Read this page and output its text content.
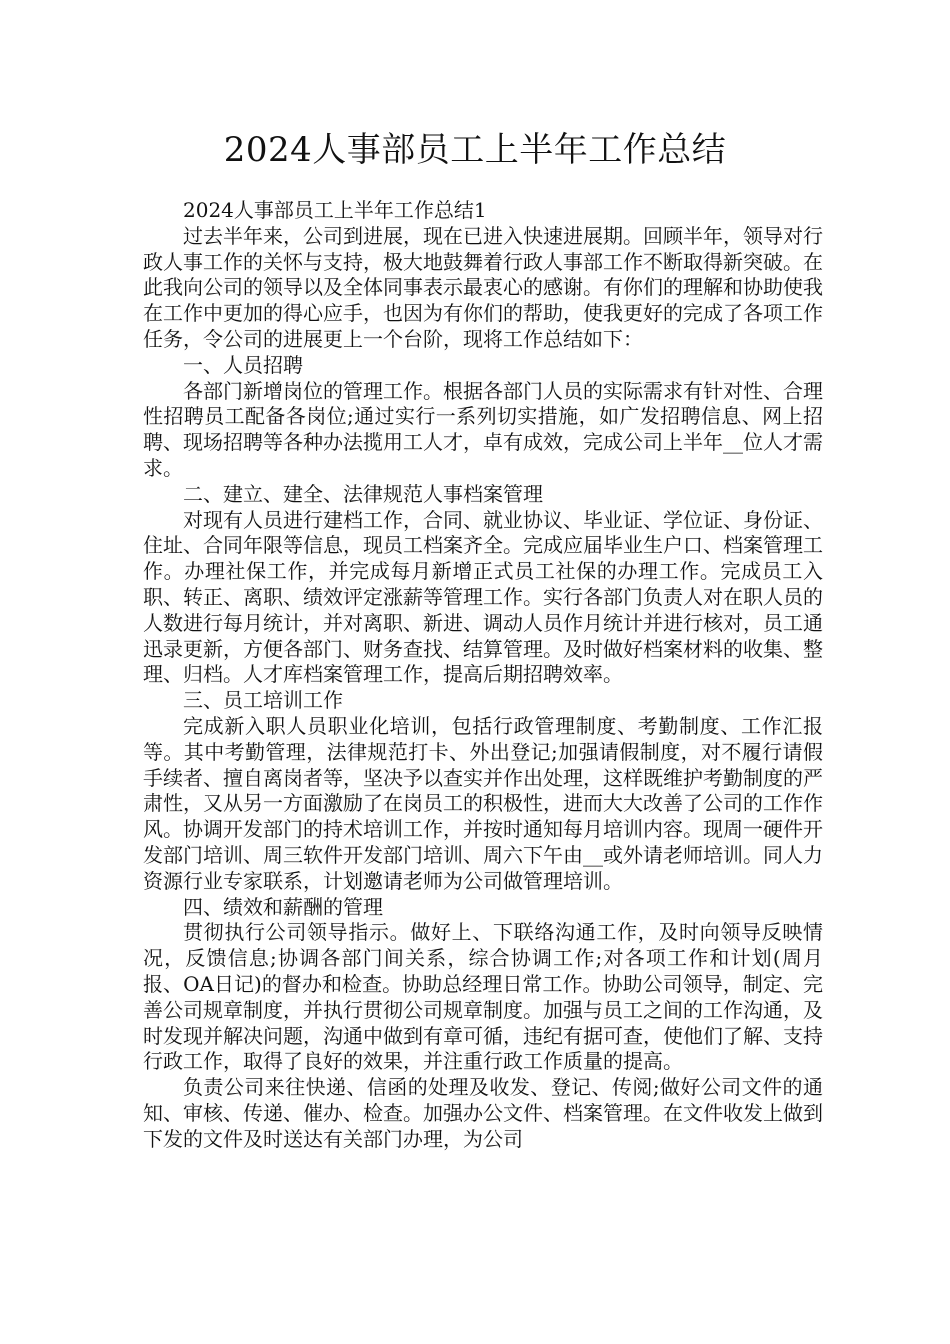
2024人事部员工上半年工作总结

2024人事部员工上半年工作总结1

过去半年来，公司到进展，现在已进入快速进展期。回顾半年，领导对行政人事工作的关怀与支持，极大地鼓舞着行政人事部工作不断取得新突破。在此我向公司的领导以及全体同事表示最衷心的感谢。有你们的理解和协助使我在工作中更加的得心应手，也因为有你们的帮助，使我更好的完成了各项工作任务，令公司的进展更上一个台阶，现将工作总结如下：

一、人员招聘

各部门新增岗位的管理工作。根据各部门人员的实际需求有针对性、合理性招聘员工配备各岗位;通过实行一系列切实措施，如广发招聘信息、网上招聘、现场招聘等各种办法揽用工人才，卓有成效，完成公司上半年__位人才需求。

二、建立、建全、法律规范人事档案管理

对现有人员进行建档工作，合同、就业协议、毕业证、学位证、身份证、住址、合同年限等信息，现员工档案齐全。完成应届毕业生户口、档案管理工作。办理社保工作，并完成每月新增正式员工社保的办理工作。完成员工入职、转正、离职、绩效评定涨薪等管理工作。实行各部门负责人对在职人员的人数进行每月统计，并对离职、新进、调动人员作月统计并进行核对，员工通迅录更新，方便各部门、财务查找、结算管理。及时做好档案材料的收集、整理、归档。人才库档案管理工作，提高后期招聘效率。

三、员工培训工作

完成新入职人员职业化培训，包括行政管理制度、考勤制度、工作汇报等。其中考勤管理，法律规范打卡、外出登记;加强请假制度，对不履行请假手续者、擅自离岗者等，坚决予以查实并作出处理，这样既维护考勤制度的严肃性，又从另一方面激励了在岗员工的积极性，进而大大改善了公司的工作作风。协调开发部门的持术培训工作，并按时通知每月培训内容。现周一硬件开发部门培训、周三软件开发部门培训、周六下午由__或外请老师培训。同人力资源行业专家联系，计划邀请老师为公司做管理培训。

四、绩效和薪酬的管理

贯彻执行公司领导指示。做好上、下联络沟通工作，及时向领导反映情况，反馈信息;协调各部门间关系，综合协调工作;对各项工作和计划(周月报、OA日记)的督办和检查。协助总经理日常工作。协助公司领导，制定、完善公司规章制度，并执行贯彻公司规章制度。加强与员工之间的工作沟通，及时发现并解决问题，沟通中做到有章可循，违纪有据可查，使他们了解、支持行政工作，取得了良好的效果，并注重行政工作质量的提高。

负责公司来往快递、信函的处理及收发、登记、传阅;做好公司文件的通知、审核、传递、催办、检查。加强办公文件、档案管理。在文件收发上做到下发的文件及时送达有关部门办理，为公司
